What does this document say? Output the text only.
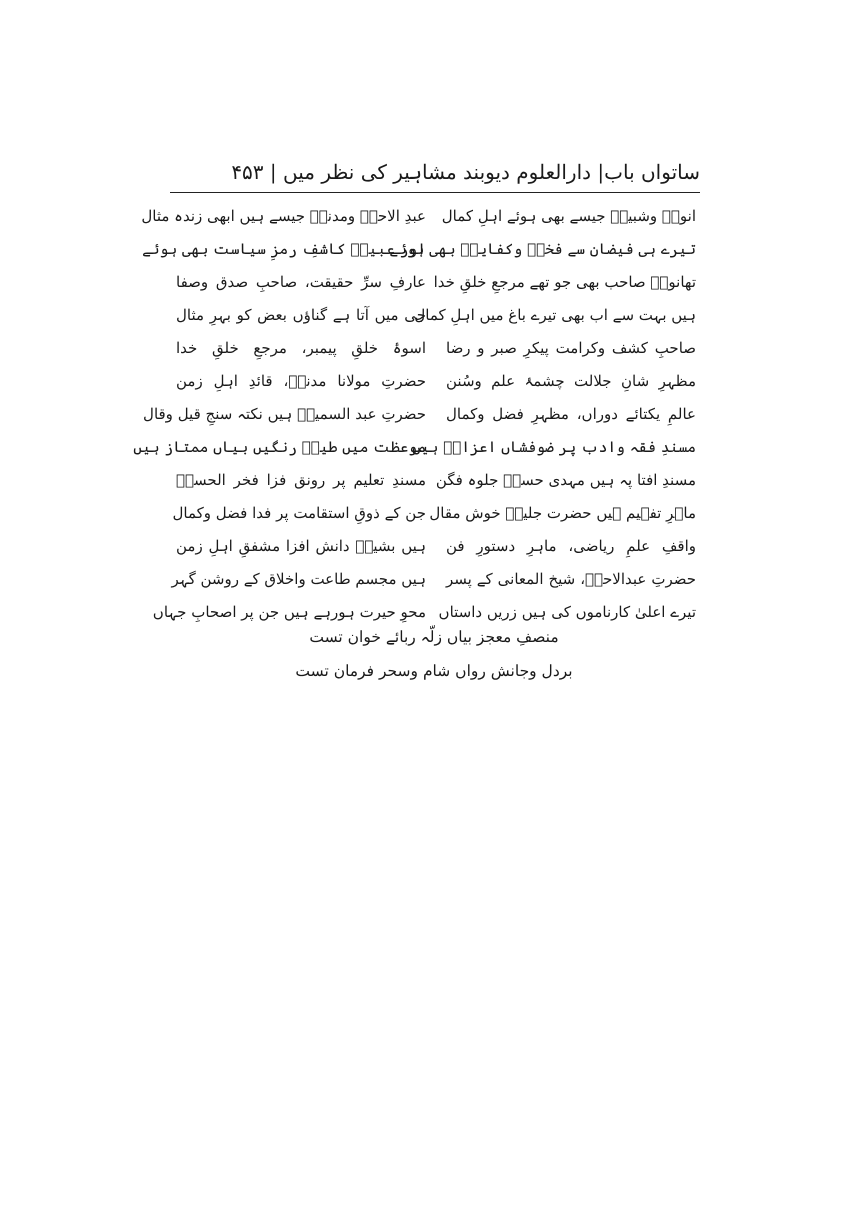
ساتواں باب| دارالعلوم دیوبند مشاہیر کی نظر میں | ۴۵۳
انورؒ وشبیرؒ جیسے بھی ہوئے اہلِ کمال
تیرے ہی فیضان سے فخرؒ وکفایتؒ بھی ہوئے
تھانویؒ صاحب بھی جو تھے مرجعِ خلقِ خدا
ہیں بہت سے اب بھی تیرے باغ میں اہلِ کمال
صاحبِ کشف وکرامت پیکرِ صبر و رضا
مظہرِ شانِ جلالت چشمۂ علم وسُنن
عالمِ یکتائے دوراں، مظہرِ فضل وکمال
مسندِ فقہ وادب پر ضوفشاں اعزازؒ ہیں
مسندِ افتا پہ ہیں مہدی حسنؒ جلوہ فگن
ماہرِ تفہیم ہیں حضرت جلیلؒ خوش مقال
واقفِ علمِ ریاضی، ماہرِ دستورِ فن
حضرتِ عبدالاحدؒ، شیخ المعانی کے پسر
تیرے اعلیٰ کارناموں کی ہیں زریں داستاں
عبدِ الاحدؒ ومدنیؒ جیسے ہیں ابھی زندہ مثال
اور عبیدؒ کاشفِ رمزِ سیاست بھی ہوئے
عارفِ سرِّ حقیقت، صاحبِ صدق وصفا
جی میں آتا ہے گناؤں بعض کو بہرِ مثال
اسوۂ خلقِ پیمبر، مرجعِ خلقِ خدا
حضرتِ مولانا مدنیؒ، قائدِ اہلِ زمن
حضرتِ عبد السمیعؒ ہیں نکتہ سنجِ قیل وقال
موعظت میں طیبؒ رنگیں بیاں ممتاز ہیں
مسندِ تعلیم پر رونق فزا فخر الحسنؒ
جن کے ذوقِ استقامت پر فدا فضل وکمال
ہیں بشیرؒ دانش افزا مشفقِ اہلِ زمن
ہیں مجسم طاعت واخلاق کے روشن گہر
محوِ حیرت ہورہے ہیں جن پر اصحابِ جہاں
منصفِ معجز بیاں زلّہ ربائے خوان تست
بردل وجانش رواں شام وسحر فرمان تست
